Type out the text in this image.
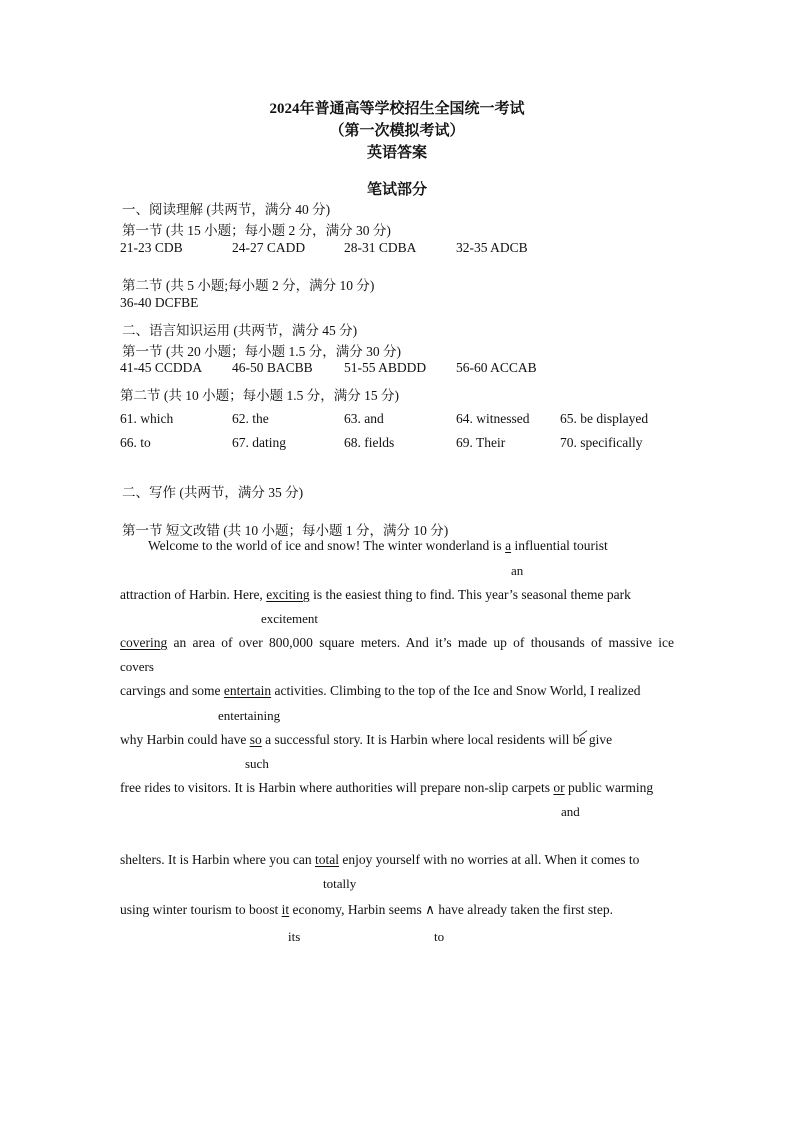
2024年普通高等学校招生全国统一考试
（第一次模拟考试）
英语答案
笔试部分
一、阅读理解 (共两节，满分 40 分)
第一节 (共 15 小题；每小题 2 分，满分 30 分)
21-23 CDB	24-27 CADD	28-31 CDBA	32-35 ADCB
第二节 (共 5 小题;每小题 2 分，满分 10 分)
36-40 DCFBE
二、语言知识运用 (共两节，满分 45 分)
第一节 (共 20 小题；每小题 1.5 分，满分 30 分)
41-45 CCDDA 46-50 BACBB 51-55 ABDDD 56-60 ACCAB
第二节 (共 10 小题；每小题 1.5 分，满分 15 分)
61. which	62. the	63. and	64. witnessed 65. be displayed
66. to	67. dating	68. fields	69. Their	70. specifically
二、写作 (共两节，满分 35 分)
第一节 短文改错 (共 10 小题；每小题 1 分，满分 10 分)
Welcome to the world of ice and snow! The winter wonderland is a influential tourist
an
attraction of Harbin. Here, exciting is the easiest thing to find. This year’s seasonal theme park
excitement
covering an area of over 800,000 square meters. And it’s made up of thousands of massive ice
covers
carvings and some entertain activities. Climbing to the top of the Ice and Snow World, I realized
entertaining
why Harbin could have so a successful story. It is Harbin where local residents will be
give
such
free rides to visitors. It is Harbin where authorities will prepare non-slip carpets or public warming
and
shelters. It is Harbin where you can total enjoy yourself with no worries at all. When it comes to
totally
using winter tourism to boost it economy, Harbin seems ∧ have already taken the first step.
its	to
